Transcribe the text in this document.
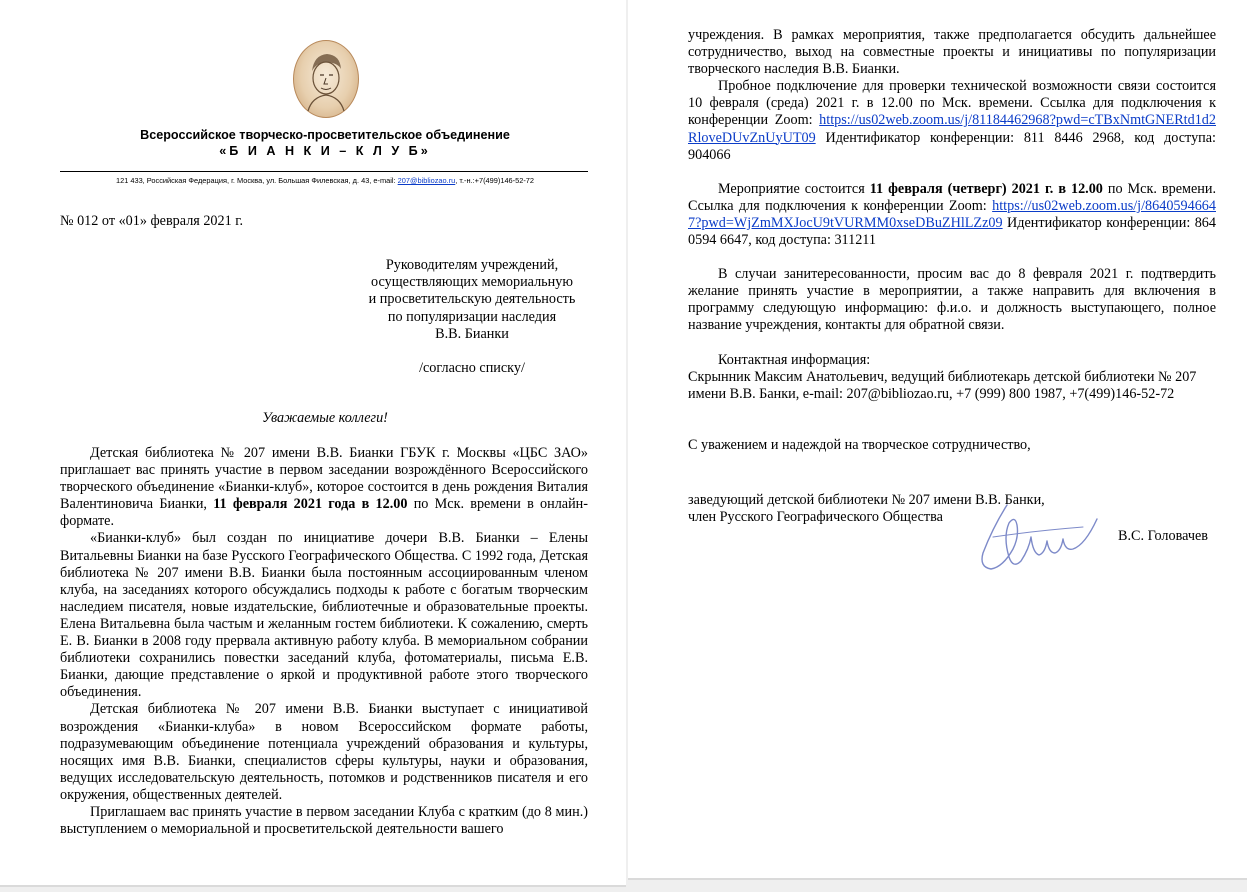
Всероссийское творческо-просветительское объединение
«Б И А Н К И – К Л У Б»
121 433, Российская Федерация, г. Москва, ул. Большая Филевская, д. 43, e-mail: 207@bibliozao.ru, т.-н.:+7(499)146-52-72
№ 012 от «01» февраля 2021 г.
Руководителям учреждений,
осуществляющих мемориальную
и просветительскую деятельность
по популяризации наследия
В.В. Бианки
/согласно списку/
Уважаемые коллеги!

Детская библиотека № 207 имени В.В. Бианки ГБУК г. Москвы «ЦБС ЗАО» приглашает вас принять участие в первом заседании возрождённого Всероссийского творческого объединение «Бианки-клуб», которое состоится в день рождения Виталия Валентиновича Бианки, 11 февраля 2021 года в 12.00 по Мск. времени в онлайн-формате.

«Бианки-клуб» был создан по инициативе дочери В.В. Бианки – Елены Витальевны Бианки на базе Русского Географического Общества. С 1992 года, Детская библиотека № 207 имени В.В. Бианки была постоянным ассоциированным членом клуба, на заседаниях которого обсуждались подходы к работе с богатым творческим наследием писателя, новые издательские, библиотечные и образовательные проекты. Елена Витальевна была частым и желанным гостем библиотеки. К сожалению, смерть Е. В. Бианки в 2008 году прервала активную работу клуба. В мемориальном собрании библиотеки сохранились повестки заседаний клуба, фотоматериалы, письма Е.В. Бианки, дающие представление о яркой и продуктивной работе этого творческого объединения.

Детская библиотека № 207 имени В.В. Бианки выступает с инициативой возрождения «Бианки-клуба» в новом Всероссийском формате работы, подразумевающим объединение потенциала учреждений образования и культуры, носящих имя В.В. Бианки, специалистов сферы культуры, науки и образования, ведущих исследовательскую деятельность, потомков и родственников писателя и его окружения, общественных деятелей.

Приглашаем вас принять участие в первом заседании Клуба с кратким (до 8 мин.) выступлением о мемориальной и просветительской деятельности вашего

учреждения. В рамках мероприятия, также предполагается обсудить дальнейшее сотрудничество, выход на совместные проекты и инициативы по популяризации творческого наследия В.В. Бианки.

Пробное подключение для проверки технической возможности связи состоится 10 февраля (среда) 2021 г. в 12.00 по Мск. времени. Ссылка для подключения к конференции Zoom: https://us02web.zoom.us/j/81184462968?pwd=cTBxNmtGNERtd1d2RloveDUvZnUyUT09 Идентификатор конференции: 811 8446 2968, код доступа: 904066

Мероприятие состоится 11 февраля (четверг) 2021 г. в 12.00 по Мск. времени. Ссылка для подключения к конференции Zoom: https://us02web.zoom.us/j/86405946647?pwd=WjZmMXJocU9tVURMM0xseDBuZHlLZz09 Идентификатор конференции: 864 0594 6647, код доступа: 311211

В случаи занитересованности, просим вас до 8 февраля 2021 г. подтвердить желание принять участие в мероприятии, а также направить для включения в программу следующую информацию: ф.и.о. и должность выступающего, полное название учреждения, контакты для обратной связи.

Контактная информация:

Скрынник Максим Анатольевич, ведущий библиотекарь детской библиотеки № 207 имени В.В. Банки, e-mail: 207@bibliozao.ru, +7 (999) 800 1987, +7(499)146-52-72

С уважением и надеждой на творческое сотрудничество,

заведующий детской библиотеки № 207 имени В.В. Банки,
член Русского Географического Общества
В.С. Головачев
